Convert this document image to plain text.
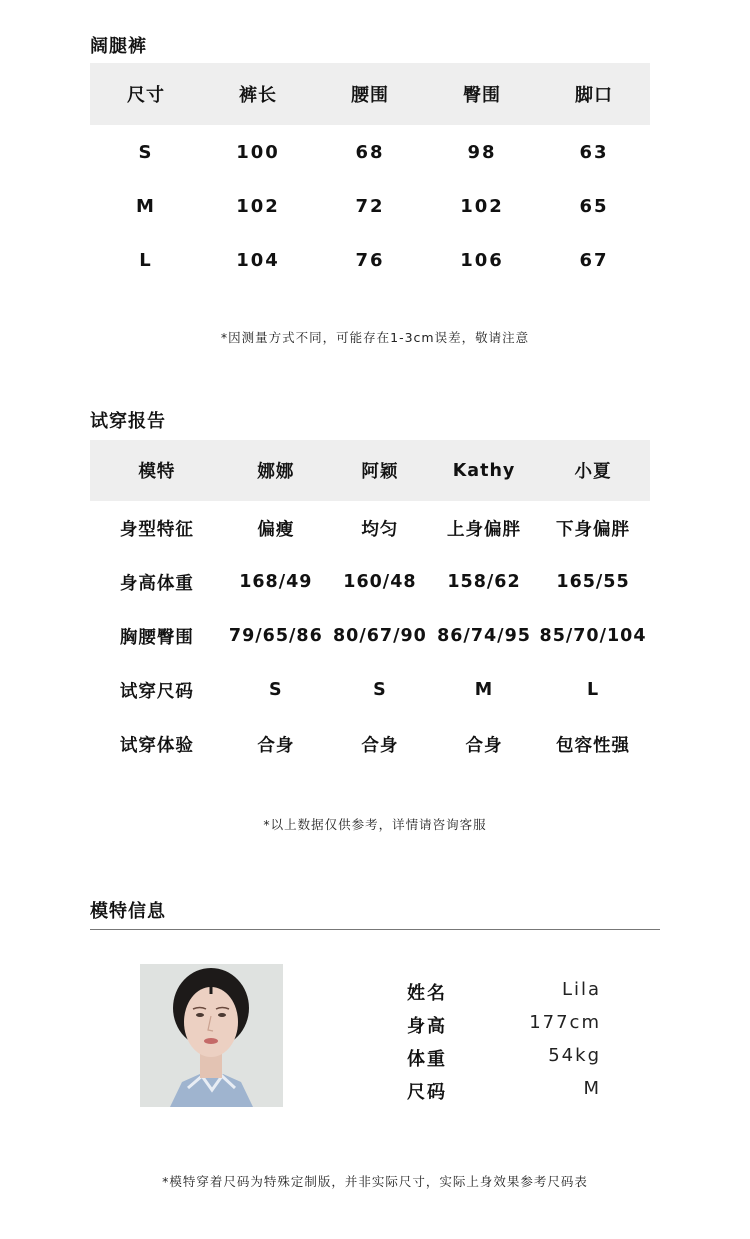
阔腿裤
尺寸	裤长	腰围	臀围	脚口
S	100	68	98	63
M	102	72	102	65
L	104	76	106	67
*因测量方式不同，可能存在1-3cm误差，敬请注意
试穿报告
模特	娜娜	阿颖	Kathy	小夏
身型特征	偏瘦	均匀	上身偏胖	下身偏胖
身高体重	168/49	160/48	158/62	165/55
胸腰臀围	79/65/86 80/67/90 86/74/95 85/70/104
试穿尺码	S	S	M	L
试穿体验	合身	合身	合身	包容性强
*以上数据仅供参考，详情请咨询客服
模特信息
姓名	Lila
身高	177cm
体重	54kg
尺码	M
*模特穿着尺码为特殊定制版，并非实际尺寸，实际上身效果参考尺码表
